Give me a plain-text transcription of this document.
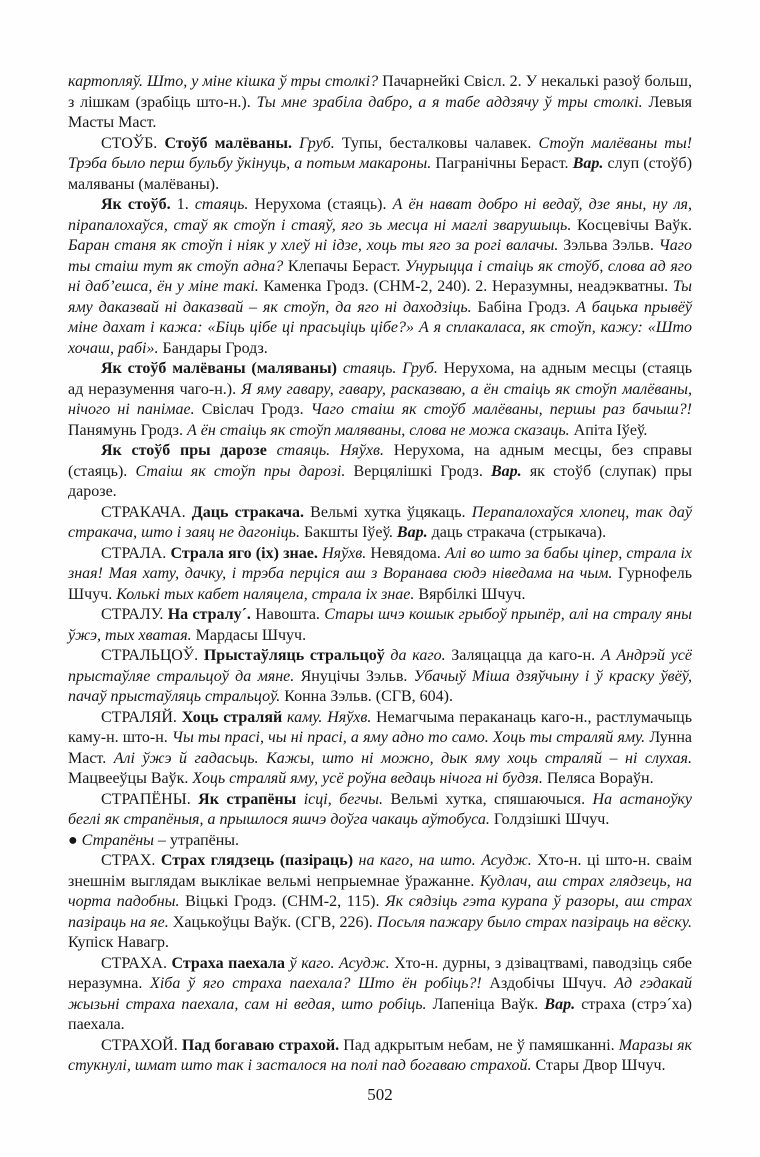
картопляў. Што, у міне кішка ў тры столкі? Пачарнейкі Свісл. 2. У некалькі разоў больш, з лішкам (зрабіць што-н.). Ты мне зрабіла дабро, а я табе аддзячу ў тры столкі. Левыя Масты Маст.

СТОЎБ. Стоўб малёваны. Груб. Тупы, бесталковы чалавек. Стоўп малёваны ты! Трэба было перш бульбу ўкінуць, а потым макароны. Пагранічны Бераст. Вар. слуп (стоўб) маляваны (малёваны).

Як стоўб. 1. стаяць. Нерухома (стаяць). А ён нават добро ні ведаў, дзе яны, ну ля, пірапалохаўся, стаў як стоўп і стаяў, яго зь месца ні маглі зварушыць. Косцевічы Ваўк. Баран станя як стоўп і ніяк у хлеў ні ідзе, хоць ты яго за рогі валачы. Зэльва Зэльв. Чаго ты стаіш тут як стоўп адна? Клепачы Бераст. Унурыцца і стаіць як стоўб, слова ад яго ні даб’ешса, ён у міне такі. Каменка Гродз. (СНМ-2, 240). 2. Неразумны, неадэкватны. Ты яму даказвай ні даказвай – як стоўп, да яго ні даходзіць. Бабіна Гродз. А бацька прывёў міне дахат і кажа: «Біць цібе ці прасьціць цібе?» А я сплакаласа, як стоўп, кажу: «Што хочаш, рабі». Бандары Гродз.

Як стоўб малёваны (маляваны) стаяць. Груб. Нерухома, на адным месцы (стаяць ад неразумення чаго-н.). Я яму гавару, гавару, расказваю, а ён стаіць як стоўп малёваны, нічого ні панімае. Свіслач Гродз. Чаго стаіш як стоўб малёваны, першы раз бачыш?! Панямунь Гродз. А ён стаіць як стоўп маляваны, слова не можа сказаць. Апіта Іўеў.

Як стоўб пры дарозе стаяць. Няўхв. Нерухома, на адным месцы, без справы (стаяць). Стаіш як стоўп пры дарозі. Верцялішкі Гродз. Вар. як стоўб (слупак) пры дарозе.

СТРАКАЧА. Даць стракача. Вельмі хутка ўцякаць. Перапалохаўся хлопец, так даў стракача, што і заяц не дагоніць. Бакшты Іўеў. Вар. даць стракача (стрыкача).

СТРАЛА. Страла яго (іх) знае. Няўхв. Невядома. Алі во што за бабы ціпер, страла іх зная! Мая хату, дачку, і трэба перціся аш з Воранава сюдэ ніведама на чым. Гурнофель Шчуч. Колькі тых кабет наляцела, страла іх знае. Вярбілкі Шчуч.

СТРАЛУ. На стралу´. Навошта. Стары шчэ кошык грыбоў прыпёр, алі на стралу яны ўжэ, тых хватая. Мардасы Шчуч.

СТРАЛЬЦОЎ. Прыстаўляць стральцоў да каго. Заляцацца да каго-н. А Андрэй усё прыстаўляе стральцоў да мяне. Януцічы Зэльв. Убачыў Міша дзяўчыну і ў краску ўвёў, пачаў прыстаўляць стральцоў. Конна Зэльв. (СГВ, 604).

СТРАЛЯЙ. Хоць страляй каму. Няўхв. Немагчыма пераканаць каго-н., растлумачыць каму-н. што-н. Чы ты прасі, чы ні прасі, а яму адно то само. Хоць ты страляй яму. Лунна Маст. Алі ўжэ й гадасьць. Кажы, што ні можно, дык яму хоць страляй – ні слухая. Мацвееўцы Ваўк. Хоць страляй яму, усё роўна ведаць нічога ні будзя. Пеляса Вораўн.

СТРАПЁНЫ. Як страпёны ісці, бегчы. Вельмі хутка, спяшаючыся. На астаноўку беглі як страпёныя, а прышлося яшчэ доўга чакаць аўтобуса. Голдзішкі Шчуч.

● Страпёны – утрапёны.

СТРАХ. Страх глядзець (пазіраць) на каго, на што. Асудж. Хто-н. ці што-н. сваім знешнім выглядам выклікае вельмі непрыемнае ўражанне. Кудлач, аш страх глядзець, на чорта падобны. Віцькі Гродз. (СНМ-2, 115). Як сядзіць гэта курапа ў разоры, аш страх пазіраць на яе. Хацькоўцы Ваўк. (СГВ, 226). Посьля пажару было страх пазіраць на вёску. Купіск Навагр.

СТРАХА. Страха паехала ў каго. Асудж. Хто-н. дурны, з дзівацтвамі, паводзіць сябе неразумна. Хіба ў яго страха паехала? Што ён робіць?! Аздобічы Шчуч. Ад гэдакай жызьні страха паехала, сам ні ведая, што робіць. Лапеніца Ваўк. Вар. страха (стрэ´ха) паехала.

СТРАХОЙ. Пад богаваю страхой. Пад адкрытым небам, не ў памяшканні. Маразы як стукнулі, шмат што так і засталося на полі пад богаваю страхой. Стары Двор Шчуч.

502
